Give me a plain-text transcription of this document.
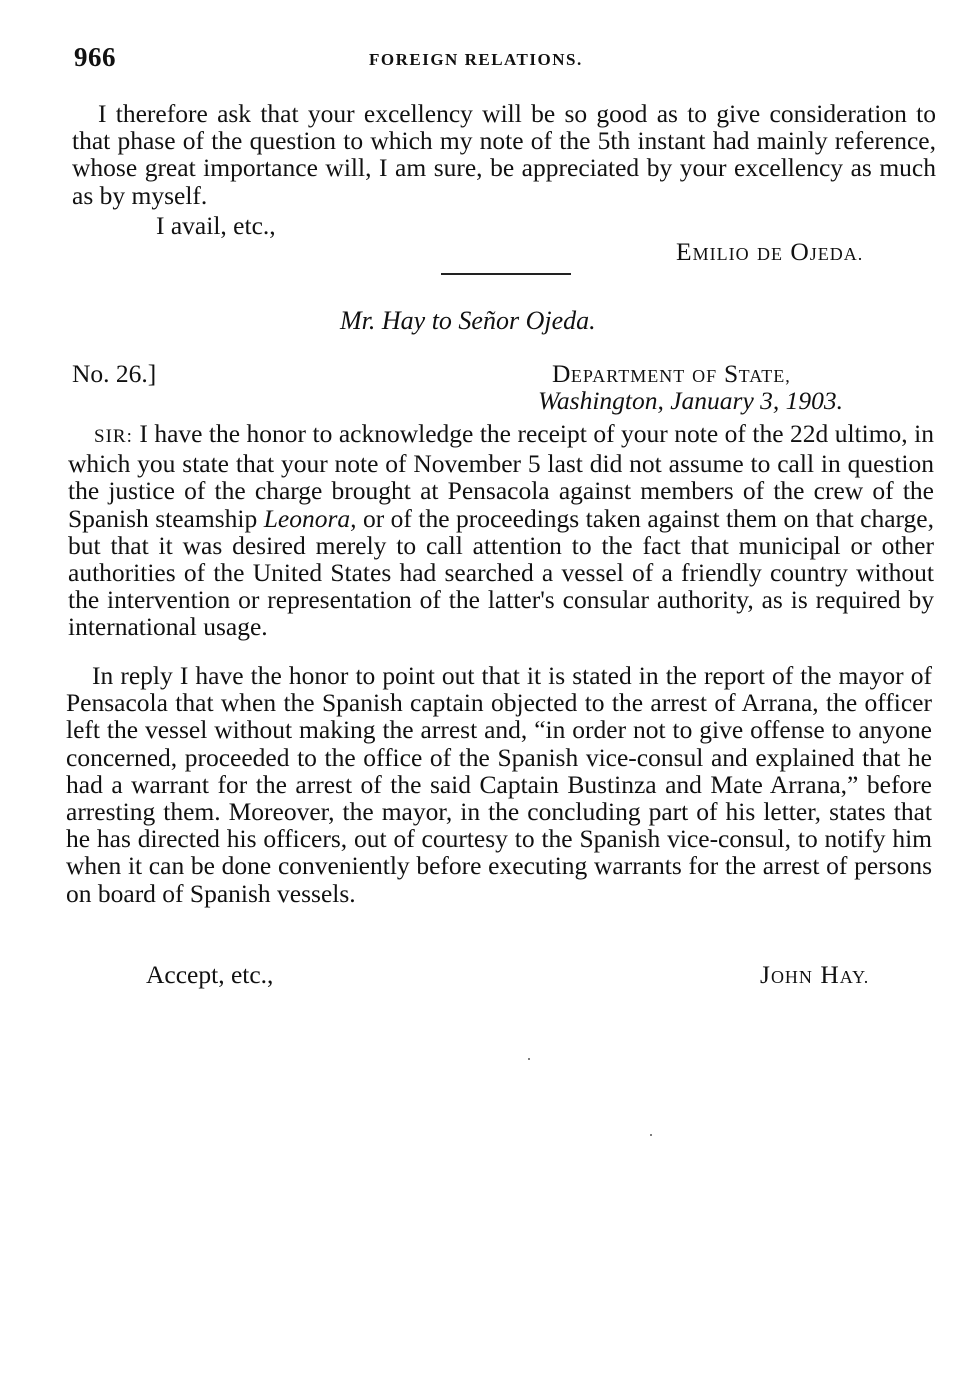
966	FOREIGN RELATIONS.

I therefore ask that your excellency will be so good as to give consideration to that phase of the question to which my note of the 5th instant had mainly reference, whose great importance will, I am sure, be appreciated by your excellency as much as by myself.

I avail, etc.,
EMILIO DE OJEDA.
Mr. Hay to Señor Ojeda.
No. 26.]	DEPARTMENT OF STATE,
Washington, January 3, 1903.

SIR: I have the honor to acknowledge the receipt of your note of the 22d ultimo, in which you state that your note of November 5 last did not assume to call in question the justice of the charge brought at Pensacola against members of the crew of the Spanish steamship Leonora, or of the proceedings taken against them on that charge, but that it was desired merely to call attention to the fact that municipal or other authorities of the United States had searched a vessel of a friendly country without the intervention or representation of the latter's consular authority, as is required by international usage.

In reply I have the honor to point out that it is stated in the report of the mayor of Pensacola that when the Spanish captain objected to the arrest of Arrana, the officer left the vessel without making the arrest and, “in order not to give offense to anyone concerned, proceeded to the office of the Spanish vice-consul and explained that he had a warrant for the arrest of the said Captain Bustinza and Mate Arrana,” before arresting them. Moreover, the mayor, in the concluding part of his letter, states that he has directed his officers, out of courtesy to the Spanish vice-consul, to notify him when it can be done conveniently before executing warrants for the arrest of persons on board of Spanish vessels.

Accept, etc.,	JOHN HAY.
